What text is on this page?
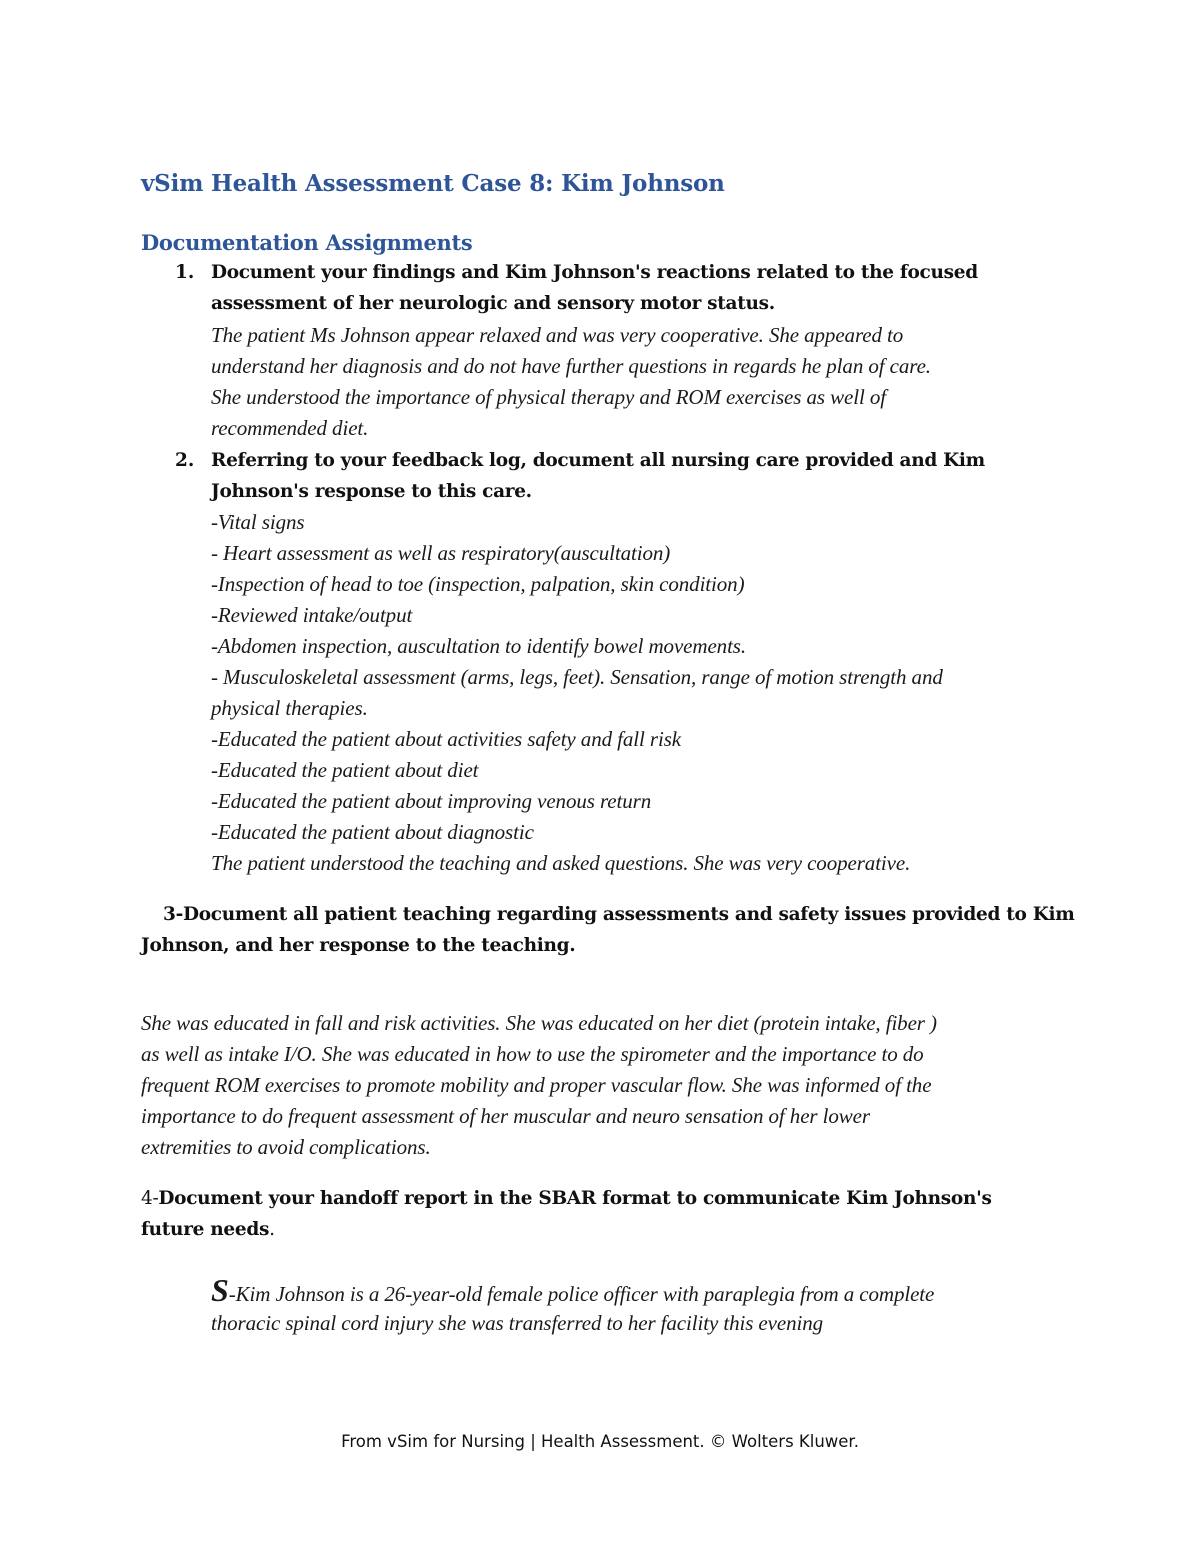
vSim Health Assessment Case 8: Kim Johnson
Documentation Assignments
1. Document your findings and Kim Johnson's reactions related to the focused
assessment of her neurologic and sensory motor status.
The patient Ms Johnson appear relaxed and was very cooperative. She appeared to
understand her diagnosis and do not have further questions in regards he plan of care.
She understood the importance of physical therapy and ROM exercises as well of
recommended diet.
2. Referring to your feedback log, document all nursing care provided and Kim
Johnson's response to this care.
-Vital signs
- Heart assessment as well as respiratory(auscultation)
-Inspection of head to toe (inspection, palpation, skin condition)
-Reviewed intake/output
-Abdomen inspection, auscultation to identify bowel movements.
- Musculoskeletal assessment (arms, legs, feet). Sensation, range of motion strength and
physical therapies.
-Educated the patient about activities safety and fall risk
-Educated the patient about diet
-Educated the patient about improving venous return
-Educated the patient about diagnostic
The patient understood the teaching and asked questions. She was very cooperative.
3-Document all patient teaching regarding assessments and safety issues provided to Kim
Johnson, and her response to the teaching.
She was educated in fall and risk activities. She was educated on her diet (protein intake, fiber )
as well as intake I/O. She was educated in how to use the spirometer and the importance to do
frequent ROM exercises to promote mobility and proper vascular flow. She was informed of the
importance to do frequent assessment of her muscular and neuro sensation of her lower
extremities to avoid complications.
4-Document your handoff report in the SBAR format to communicate Kim Johnson's
future needs.
S-Kim Johnson is a 26-year-old female police officer with paraplegia from a complete
thoracic spinal cord injury she was transferred to her facility this evening
From vSim for Nursing | Health Assessment. © Wolters Kluwer.
